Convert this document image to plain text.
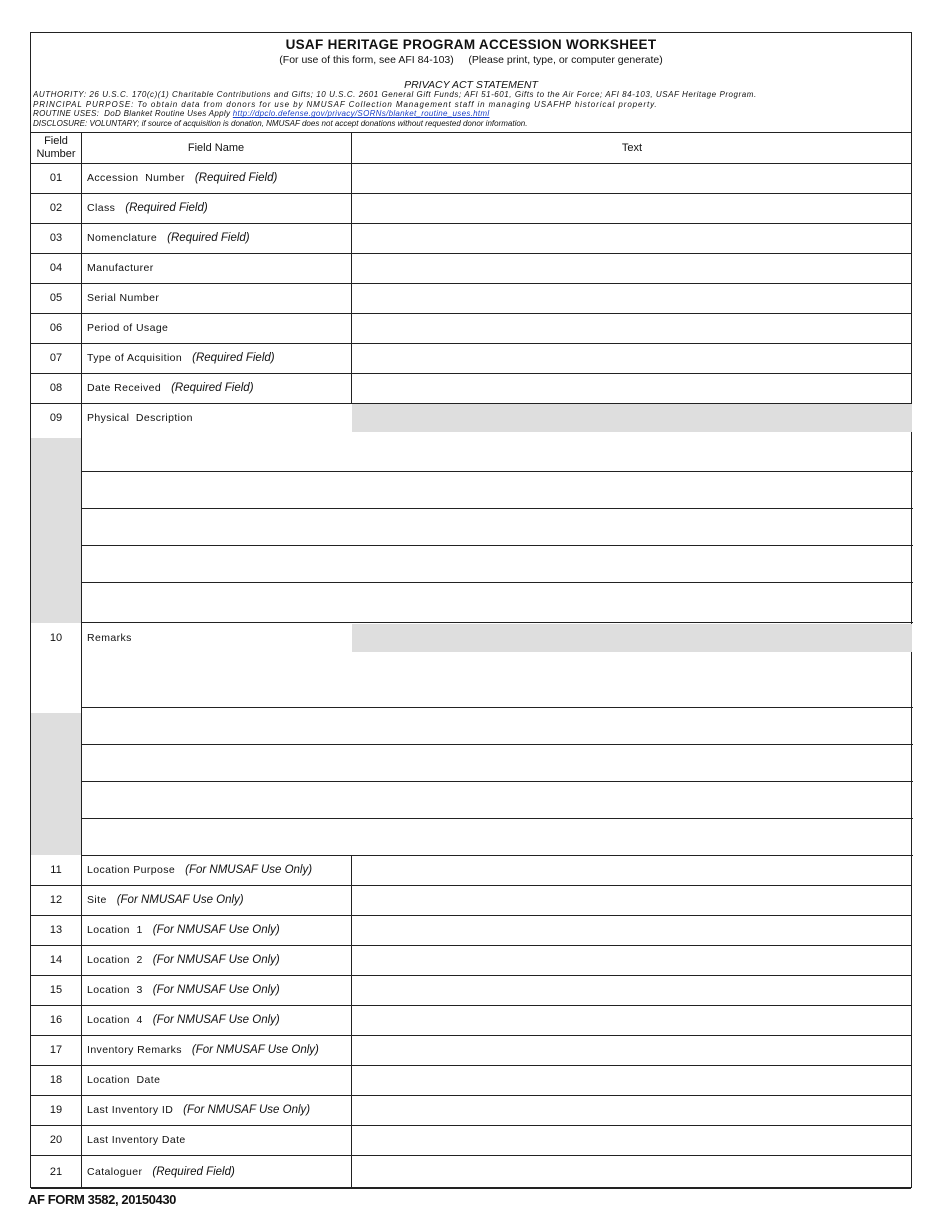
USAF HERITAGE PROGRAM ACCESSION WORKSHEET
(For use of this form, see AFI 84-103)     (Please print, type, or computer generate)
PRIVACY ACT STATEMENT
AUTHORITY: 26 U.S.C. 170(c)(1) Charitable Contributions and Gifts; 10 U.S.C. 2601 General Gift Funds; AFI 51-601, Gifts to the Air Force; AFI 84-103, USAF Heritage Program.
PRINCIPAL PURPOSE: To obtain data from donors for use by NMUSAF Collection Management staff in managing USAFHP historical property.
ROUTINE USES:  DoD Blanket Routine Uses Apply http://dpclo.defense.gov/privacy/SORNs/blanket_routine_uses.html
DISCLOSURE: VOLUNTARY; if source of acquisition is donation, NMUSAF does not accept donations without requested donor information.
Field
Number	Field Name	Text
01	Accession  Number (Required Field)
02	Class (Required Field)
03	Nomenclature (Required Field)
04	Manufacturer
05	Serial Number
06	Period of Usage
07	Type of Acquisition (Required Field)
08	Date Received (Required Field)
09	Physical  Description
10	Remarks
11	Location Purpose (For NMUSAF Use Only)
12	Site (For NMUSAF Use Only)
13	Location  1 (For NMUSAF Use Only)
14	Location  2 (For NMUSAF Use Only)
15	Location  3 (For NMUSAF Use Only)
16	Location  4 (For NMUSAF Use Only)
17	Inventory Remarks (For NMUSAF Use Only)
18	Location  Date
19	Last Inventory ID (For NMUSAF Use Only)
20	Last Inventory Date
21	Cataloguer (Required Field)
AF FORM 3582, 20150430
